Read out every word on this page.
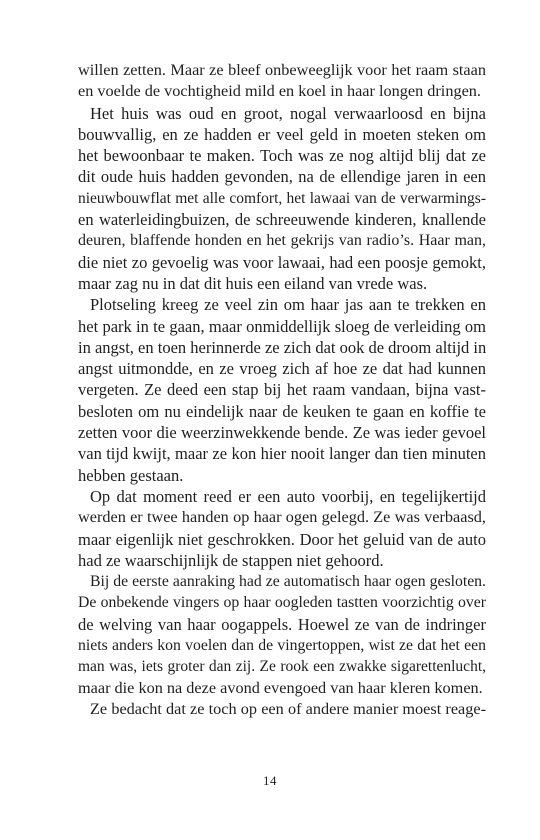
willen zetten. Maar ze bleef onbeweeglijk voor het raam staan
en voelde de vochtigheid mild en koel in haar longen dringen.
Het huis was oud en groot, nogal verwaarloosd en bijna
bouwvallig, en ze hadden er veel geld in moeten steken om
het bewoonbaar te maken. Toch was ze nog altijd blij dat ze
dit oude huis hadden gevonden, na de ellendige jaren in een
nieuwbouwflat met alle comfort, het lawaai van de verwarmings-
en waterleidingbuizen, de schreeuwende kinderen, knallende
deuren, blaffende honden en het gekrijs van radio’s. Haar man,
die niet zo gevoelig was voor lawaai, had een poosje gemokt,
maar zag nu in dat dit huis een eiland van vrede was.
Plotseling kreeg ze veel zin om haar jas aan te trekken en
het park in te gaan, maar onmiddellijk sloeg de verleiding om
in angst, en toen herinnerde ze zich dat ook de droom altijd in
angst uitmondde, en ze vroeg zich af hoe ze dat had kunnen
vergeten. Ze deed een stap bij het raam vandaan, bijna vast-
besloten om nu eindelijk naar de keuken te gaan en koffie te
zetten voor die weerzinwekkende bende. Ze was ieder gevoel
van tijd kwijt, maar ze kon hier nooit langer dan tien minuten
hebben gestaan.
Op dat moment reed er een auto voorbij, en tegelijkertijd
werden er twee handen op haar ogen gelegd. Ze was verbaasd,
maar eigenlijk niet geschrokken. Door het geluid van de auto
had ze waarschijnlijk de stappen niet gehoord.
Bij de eerste aanraking had ze automatisch haar ogen gesloten.
De onbekende vingers op haar oogleden tastten voorzichtig over
de welving van haar oogappels. Hoewel ze van de indringer
niets anders kon voelen dan de vingertoppen, wist ze dat het een
man was, iets groter dan zij. Ze rook een zwakke sigarettenlucht,
maar die kon na deze avond evengoed van haar kleren komen.
Ze bedacht dat ze toch op een of andere manier moest reage-
14
